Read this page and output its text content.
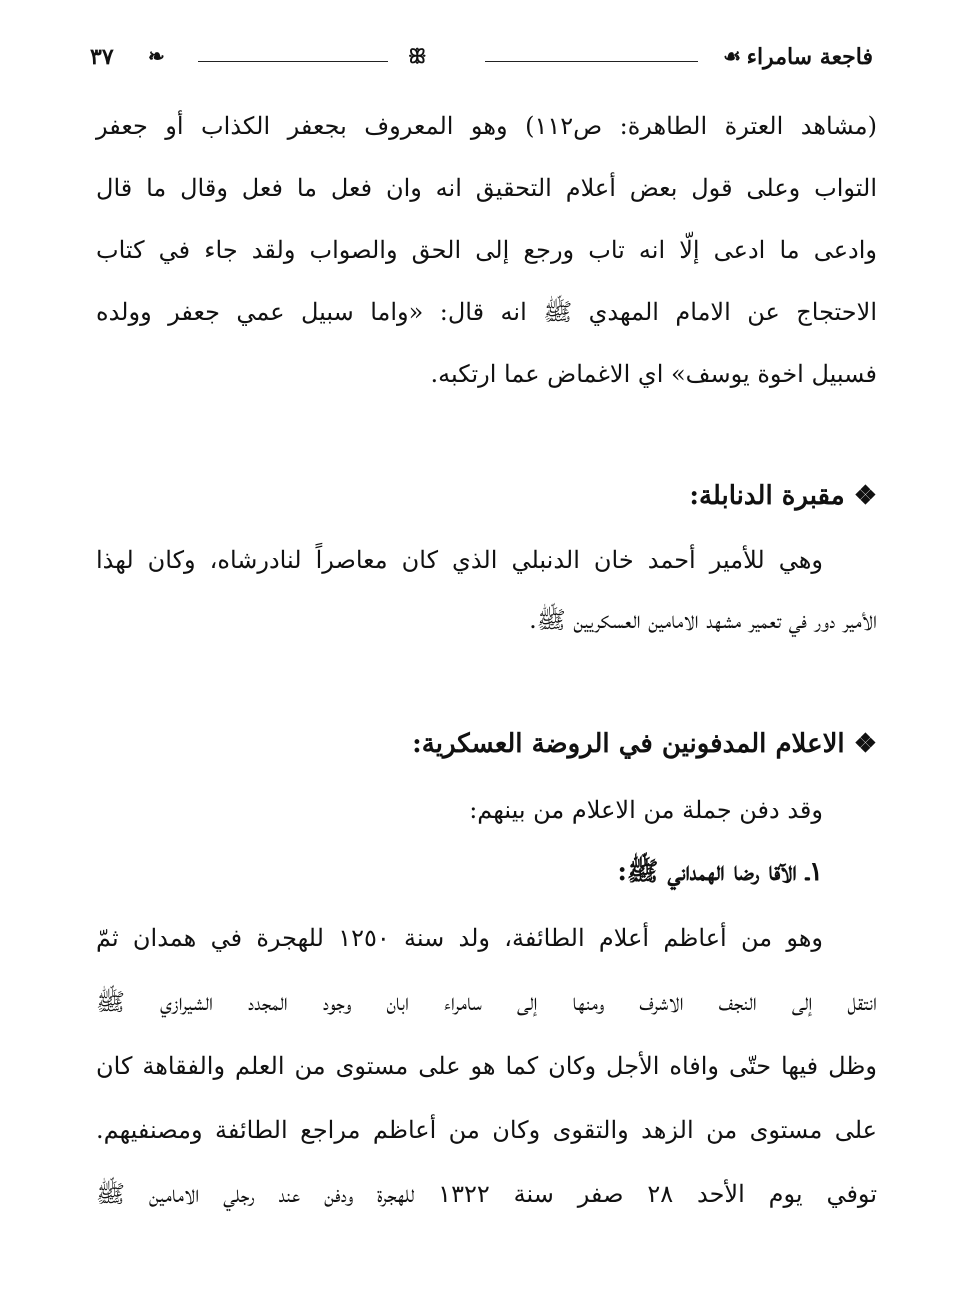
فاجعة سامراء
☙
ꕥ
❧
٣٧
(مشاهد العترة الطاهرة: ص١١٢) وهو المعروف بجعفر الكذاب أو جعفر
التواب وعلى قول بعض أعلام التحقيق انه وان فعل ما فعل وقال ما قال
وادعى ما ادعى إلّا انه تاب ورجع إلى الحق والصواب ولقد جاء في كتاب
الاحتجاج عن الامام المهدي ﷺ انه قال: «واما سبيل عمي جعفر وولده
فسبيل اخوة يوسف» اي الاغماض عما ارتكبه.
❖ مقبرة الدنابلة:
وهي للأمير أحمد خان الدنبلي الذي كان معاصراً لنادرشاه، وكان لهذا
الأمير دور في تعمير مشهد الامامين العسكريين ﷺ.
❖ الاعلام المدفونين في الروضة العسكرية:
وقد دفن جملة من الاعلام من بينهم:
١ـ الآقا رضا الهمداني ﷺ:
وهو من أعاظم أعلام الطائفة، ولد سنة ١٢٥٠ للهجرة في همدان ثمّ
انتقل إلى النجف الاشرف ومنها إلى سامراء ابان وجود المجدد الشيرازي ﷺ
وظل فيها حتّى وافاه الأجل وكان كما هو على مستوى من العلم والفقاهة كان
على مستوى من الزهد والتقوى وكان من أعاظم مراجع الطائفة ومصنفيهم.
توفي يوم الأحد ٢٨ صفر سنة ١٣٢٢ للهجرة ودفن عند رجلي الامامين ﷺ
